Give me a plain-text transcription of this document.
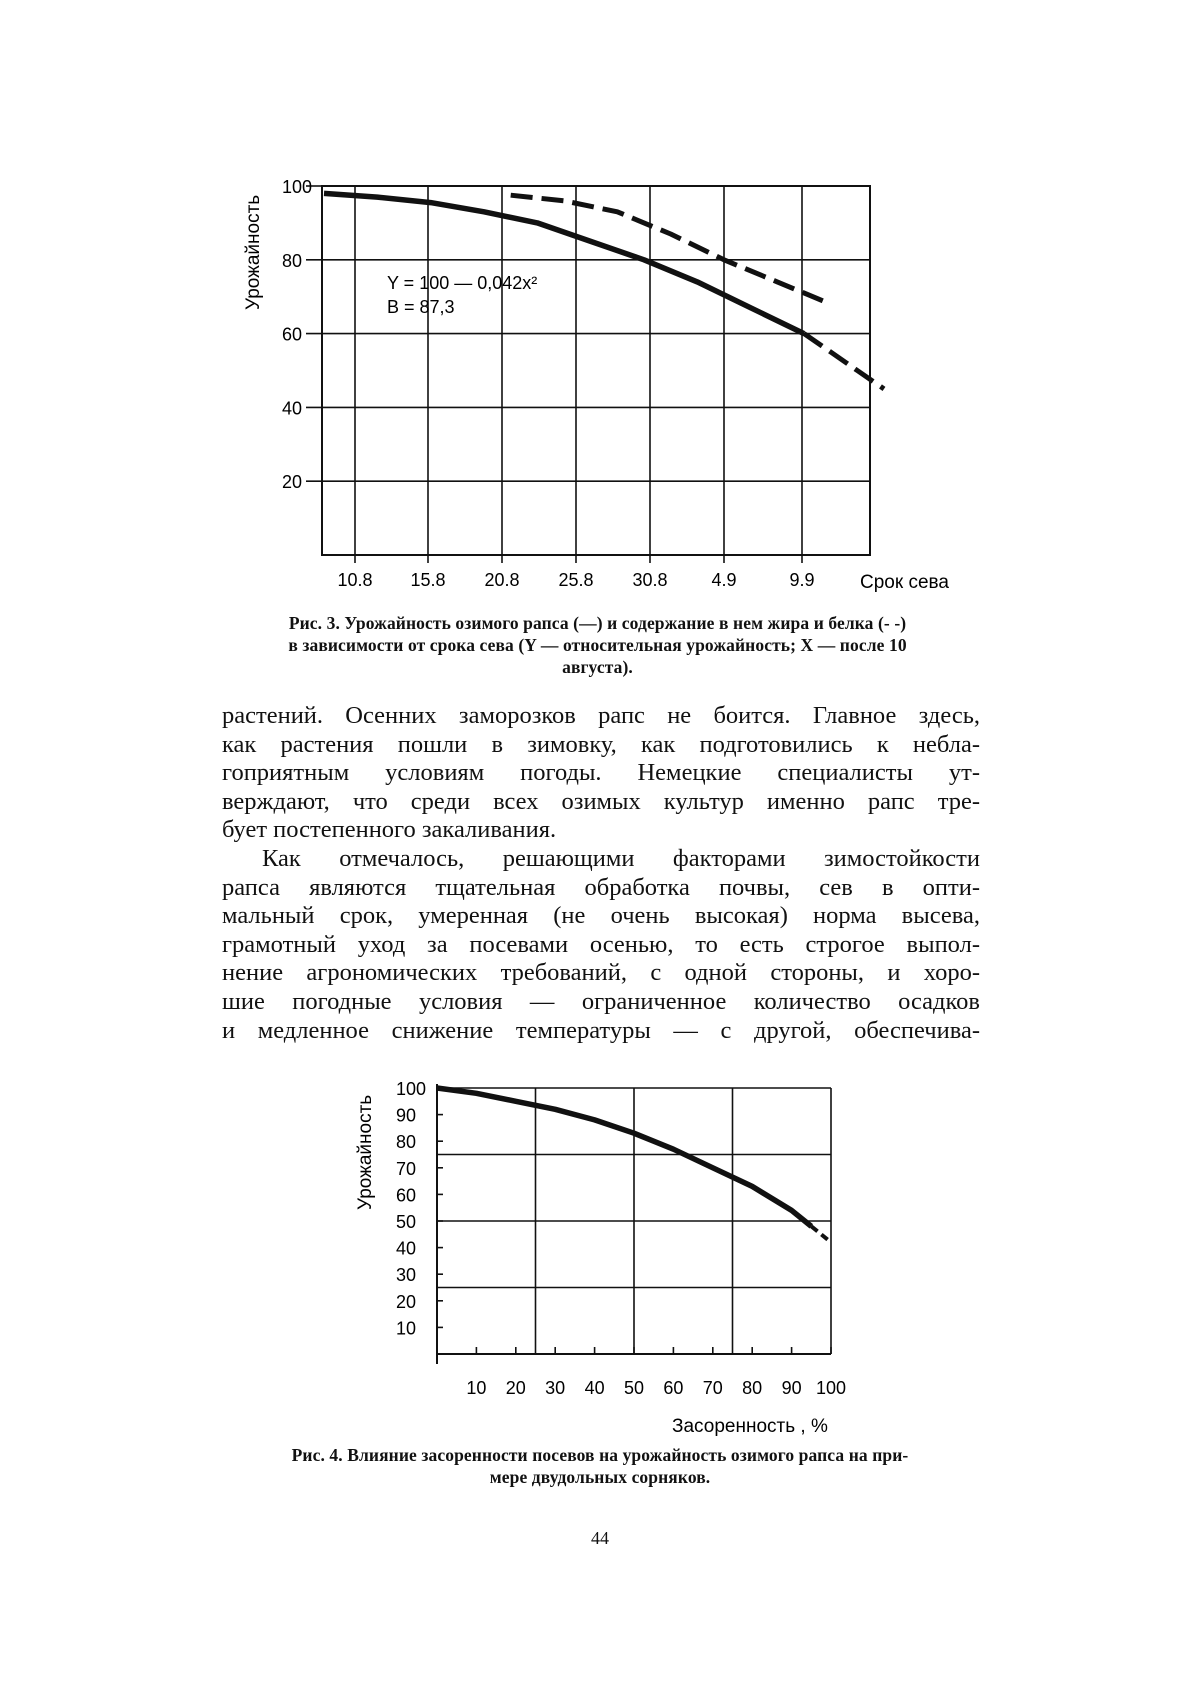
100
80
60
40
20
10.8 15.8 20.8 25.8 30.8 4.9	9.9 Срок сева
Урожайность	Y = 100 — 0,042x²
B = 87,3
Рис. 3. Урожайность озимого рапса (—) и содержание в нем жира и белка (- -)
в зависимости от срока сева (Y — относительная урожайность; X — после 10
августа).
растений. Осенних заморозков рапс не боится. Главное здесь,
как растения пошли в зимовку, как подготовились к небла-
гоприятным условиям погоды. Немецкие специалисты ут-
верждают, что среди всех озимых культур именно рапс тре-
бует постепенного закаливания.
Как отмечалось, решающими факторами зимостойкости
рапса являются тщательная обработка почвы, сев в опти-
мальный срок, умеренная (не очень высокая) норма высева,
грамотный уход за посевами осенью, то есть строгое выпол-
нение агрономических требований, с одной стороны, и хоро-
шие погодные условия — ограниченное количество осадков
и медленное снижение температуры — с другой, обеспечива-
100
90
80
70
60
50
40
30
20
10
10 20 30 40 50 60 70 80 90 100
Засоренность , %
Урожайность
Рис. 4. Влияние засоренности посевов на урожайность озимого рапса на при-
мере двудольных сорняков.
44
